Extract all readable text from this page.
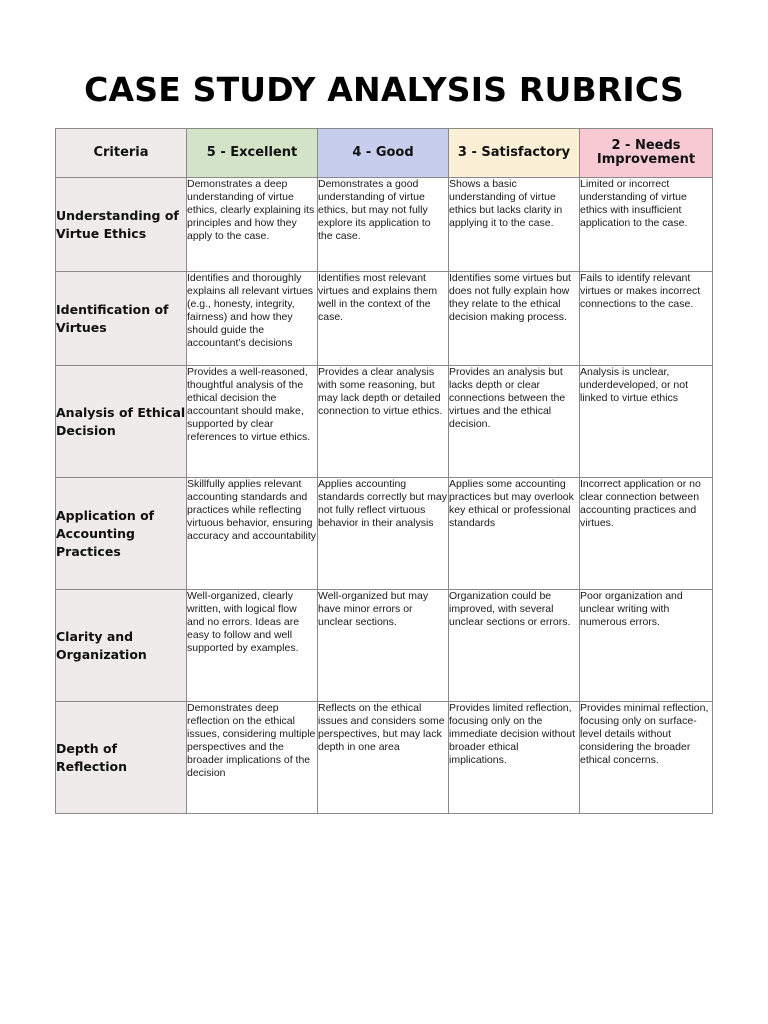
CASE STUDY ANALYSIS RUBRICS
Criteria	5 - Excellent	4 - Good	3 - Satisfactory	2 - Needs Improvement
Understanding of Virtue Ethics	Demonstrates a deep understanding of virtue ethics, clearly explaining its principles and how they apply to the case.	Demonstrates a good understanding of virtue ethics, but may not fully explore its application to the case.	Shows a basic understanding of virtue ethics but lacks clarity in applying it to the case.	Limited or incorrect understanding of virtue ethics with insufficient application to the case.
Identification of Virtues	Identifies and thoroughly explains all relevant virtues (e.g., honesty, integrity, fairness) and how they should guide the accountant’s decisions	Identifies most relevant virtues and explains them well in the context of the case.	Identifies some virtues but does not fully explain how they relate to the ethical decision making process.	Fails to identify relevant virtues or makes incorrect connections to the case.
Analysis of Ethical Decision	Provides a well-reasoned, thoughtful analysis of the ethical decision the accountant should make, supported by clear references to virtue ethics.	Provides a clear analysis with some reasoning, but may lack depth or detailed connection to virtue ethics.	Provides an analysis but lacks depth or clear connections between the virtues and the ethical decision.	Analysis is unclear, underdeveloped, or not linked to virtue ethics
Application of Accounting Practices	Skillfully applies relevant accounting standards and practices while reflecting virtuous behavior, ensuring accuracy and accountability	Applies accounting standards correctly but may not fully reflect virtuous behavior in their analysis	Applies some accounting practices but may overlook key ethical or professional standards	Incorrect application or no clear connection between accounting practices and virtues.
Clarity and Organization	Well-organized, clearly written, with logical flow and no errors. Ideas are easy to follow and well supported by examples.	Well-organized but may have minor errors or unclear sections.	Organization could be improved, with several unclear sections or errors.	Poor organization and unclear writing with numerous errors.
Depth of Reflection	Demonstrates deep reflection on the ethical issues, considering multiple perspectives and the broader implications of the decision	Reflects on the ethical issues and considers some perspectives, but may lack depth in one area	Provides limited reflection, focusing only on the immediate decision without broader ethical implications.	Provides minimal reflection, focusing only on surface-level details without considering the broader ethical concerns.
